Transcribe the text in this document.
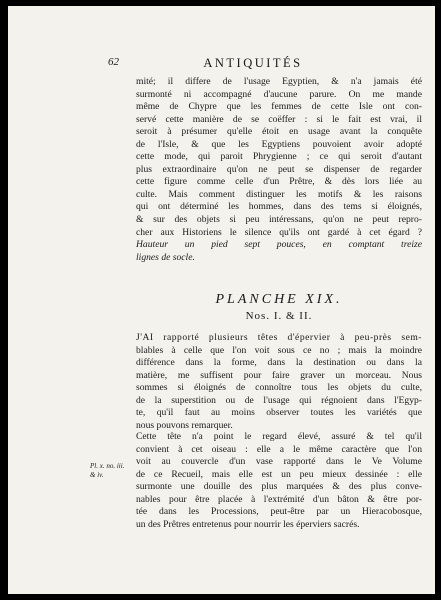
62	ANTIQUITÉS
mité; il differe de l'usage Egyptien, & n'a jamais été
surmonté ni accompagné d'aucune parure. On me mande
même de Chypre que les femmes de cette Isle ont con-
servé cette manière de se coëffer : si le fait est vrai, il
seroit à présumer qu'elle étoit en usage avant la conquête
de l'Isle, & que les Egyptiens pouvoient avoir adopté
cette mode, qui paroit Phrygienne ; ce qui seroit d'autant
plus extraordinaire qu'on ne peut se dispenser de regarder
cette figure comme celle d'un Prêtre, & dès lors liée au
culte. Mais comment distinguer les motifs & les raisons
qui ont déterminé les hommes, dans des tems si éloignés,
& sur des objets si peu intéressans, qu'on ne peut repro-
cher aux Historiens le silence qu'ils ont gardé à cet égard ?
Hauteur un pied sept pouces, en comptant treize
lignes de socle.
PLANCHE XIX.
Nos. I. & II.
J'AI rapporté plusieurs têtes d'épervier à peu-près sem-
blables à celle que l'on voit sous ce no ; mais la moindre
différence dans la forme, dans la destination ou dans la
matière, me suffisent pour faire graver un morceau. Nous
sommes si éloignés de connoître tous les objets du culte,
de la superstition ou de l'usage qui régnoient dans l'Egyp-
te, qu'il faut au moins observer toutes les variétés que
nous pouvons remarquer.
Cette tête n'a point le regard élevé, assuré & tel qu'il
convient à cet oiseau : elle a le même caractère que l'on
voit au couvercle d'un vase rapporté dans le Ve Volume
de ce Recueil, mais elle est un peu mieux dessinée : elle
surmonte une douille des plus marquées & des plus conve-
nables pour être placée à l'extrémité d'un bâton & être por-
tée dans les Processions, peut-être par un Hieracobosque,
un des Prêtres entretenus pour nourrir les éperviers sacrés.
Pl. x. no. iii.
& iv.
